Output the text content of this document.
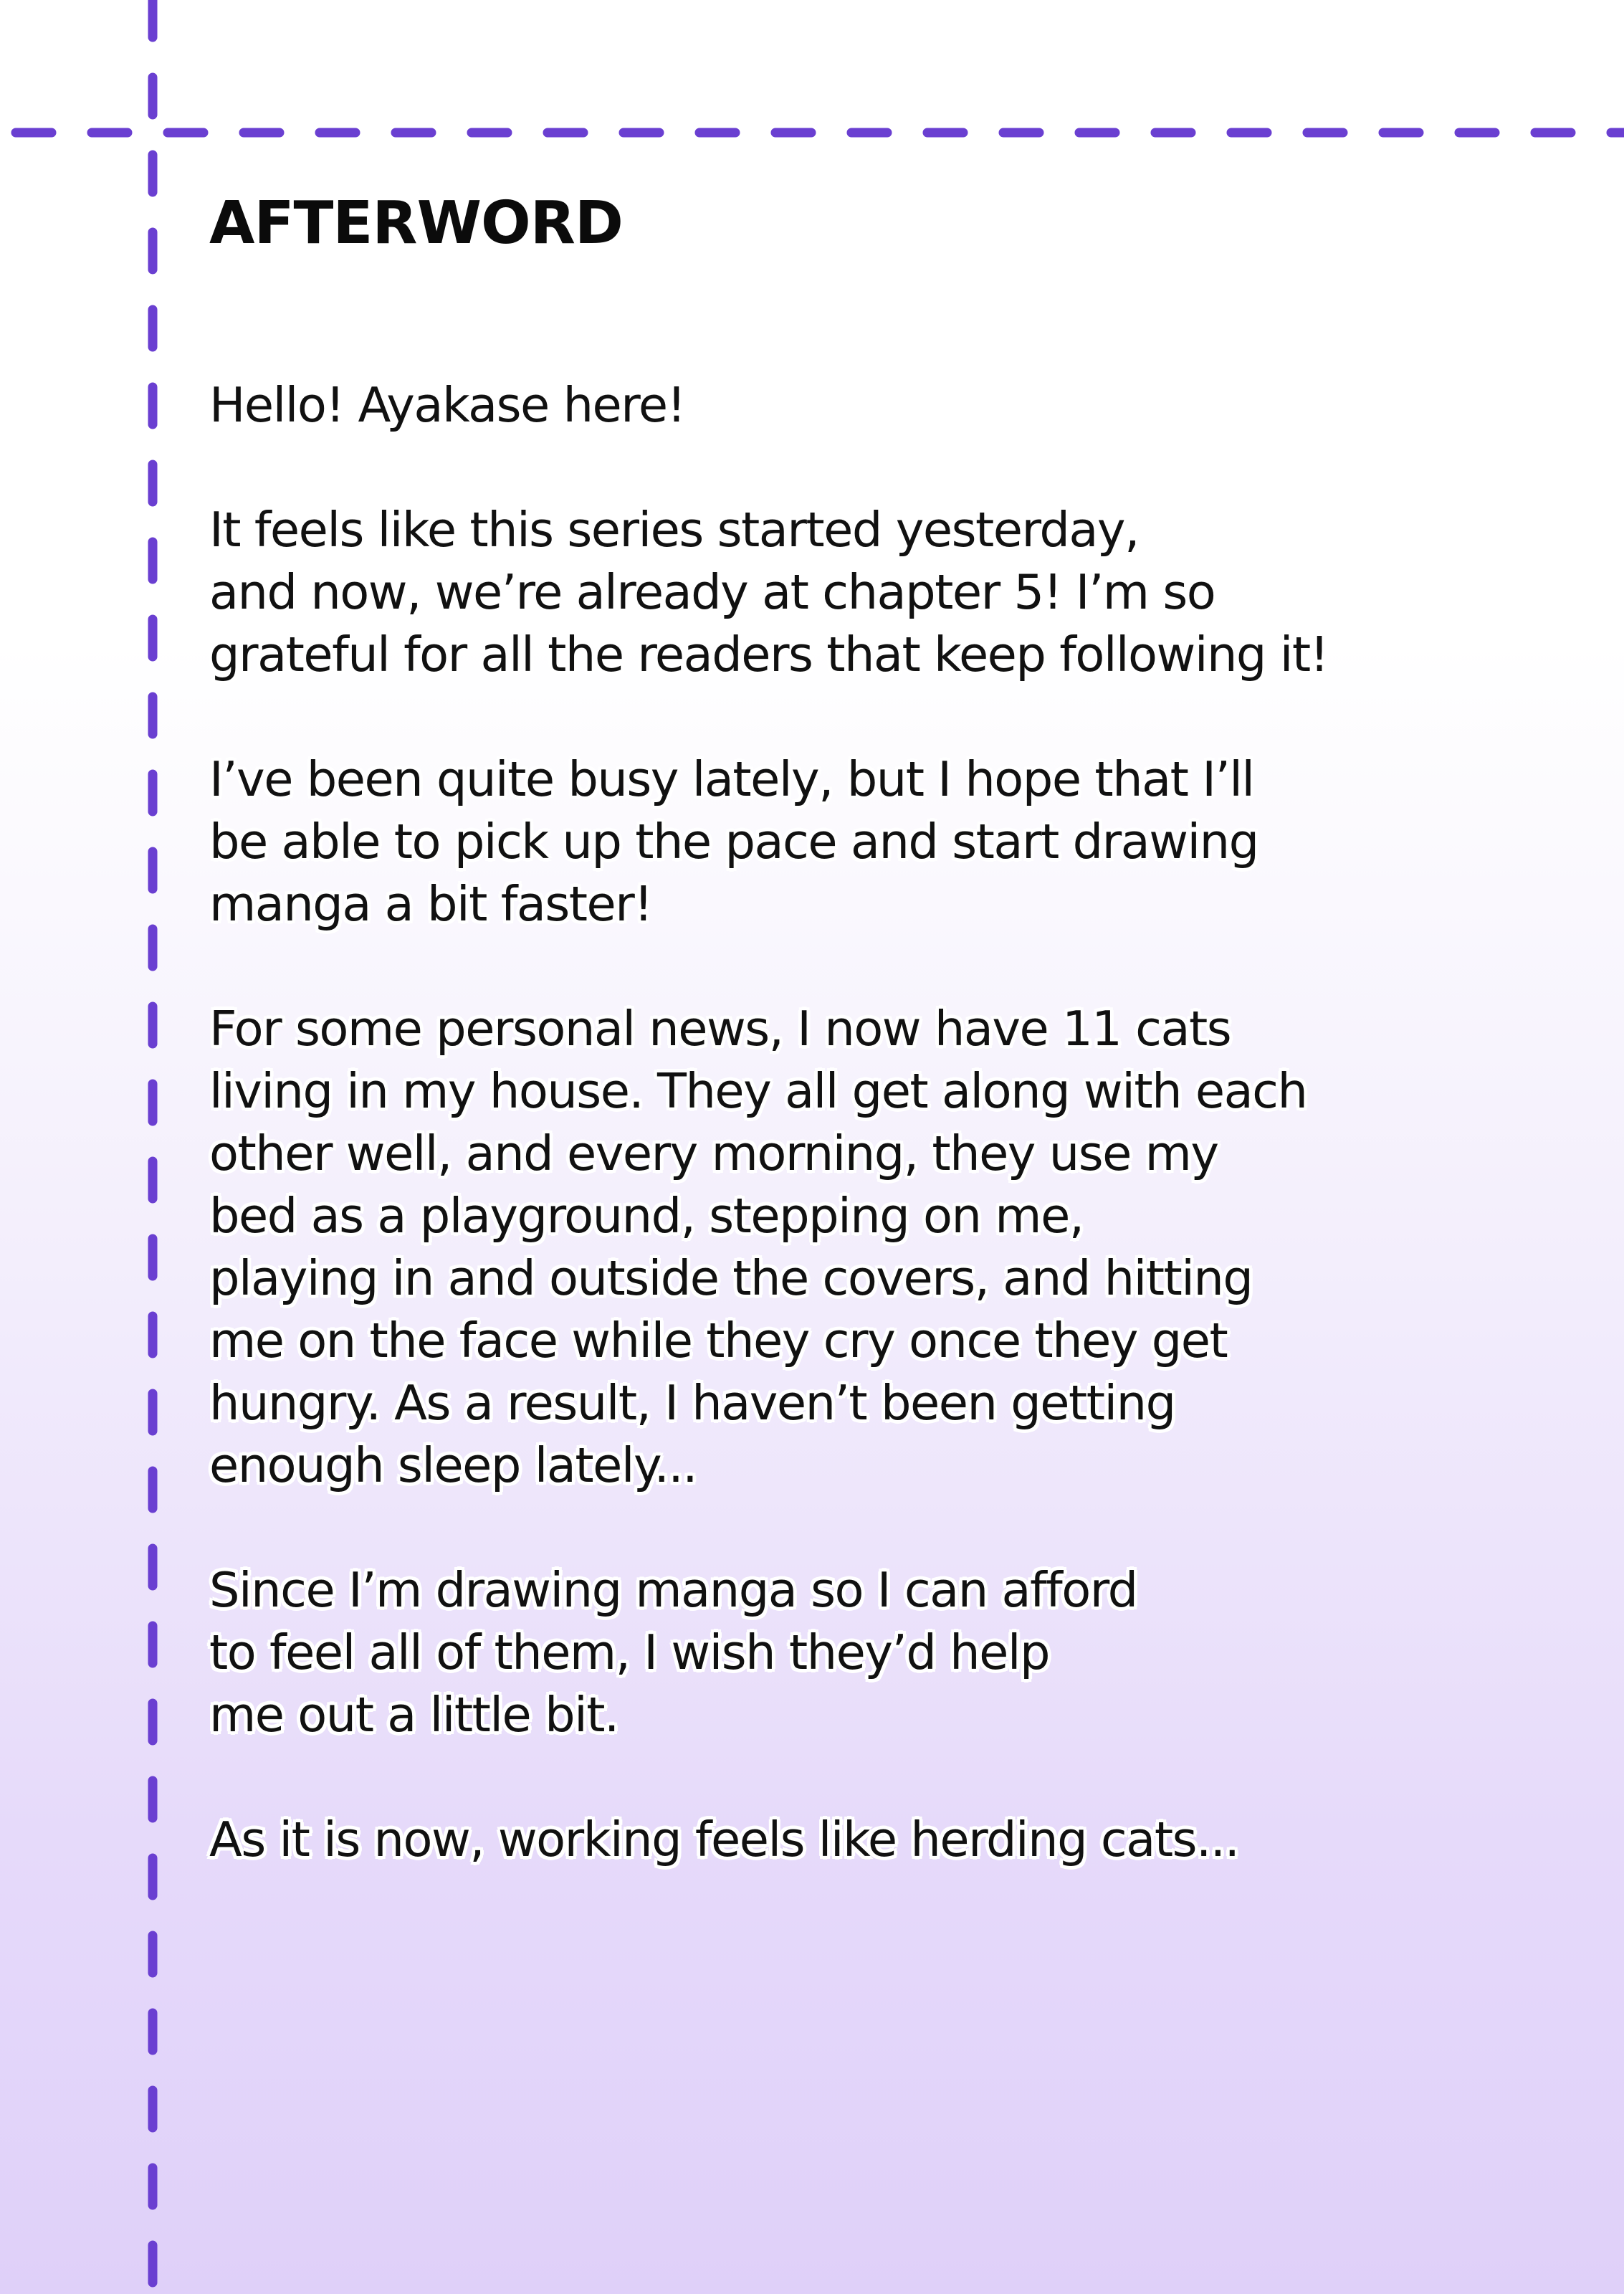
AFTERWORD
Hello! Ayakase here!
It feels like this series started yesterday,
and now, we’re already at chapter 5! I’m so
grateful for all the readers that keep following it!
I’ve been quite busy lately, but I hope that I’ll
be able to pick up the pace and start drawing
manga a bit faster!
For some personal news, I now have 11 cats
living in my house. They all get along with each
other well, and every morning, they use my
bed as a playground, stepping on me,
playing in and outside the covers, and hitting
me on the face while they cry once they get
hungry. As a result, I haven’t been getting
enough sleep lately...
Since I’m drawing manga so I can afford
to feel all of them, I wish they’d help
me out a little bit.
As it is now, working feels like herding cats...
